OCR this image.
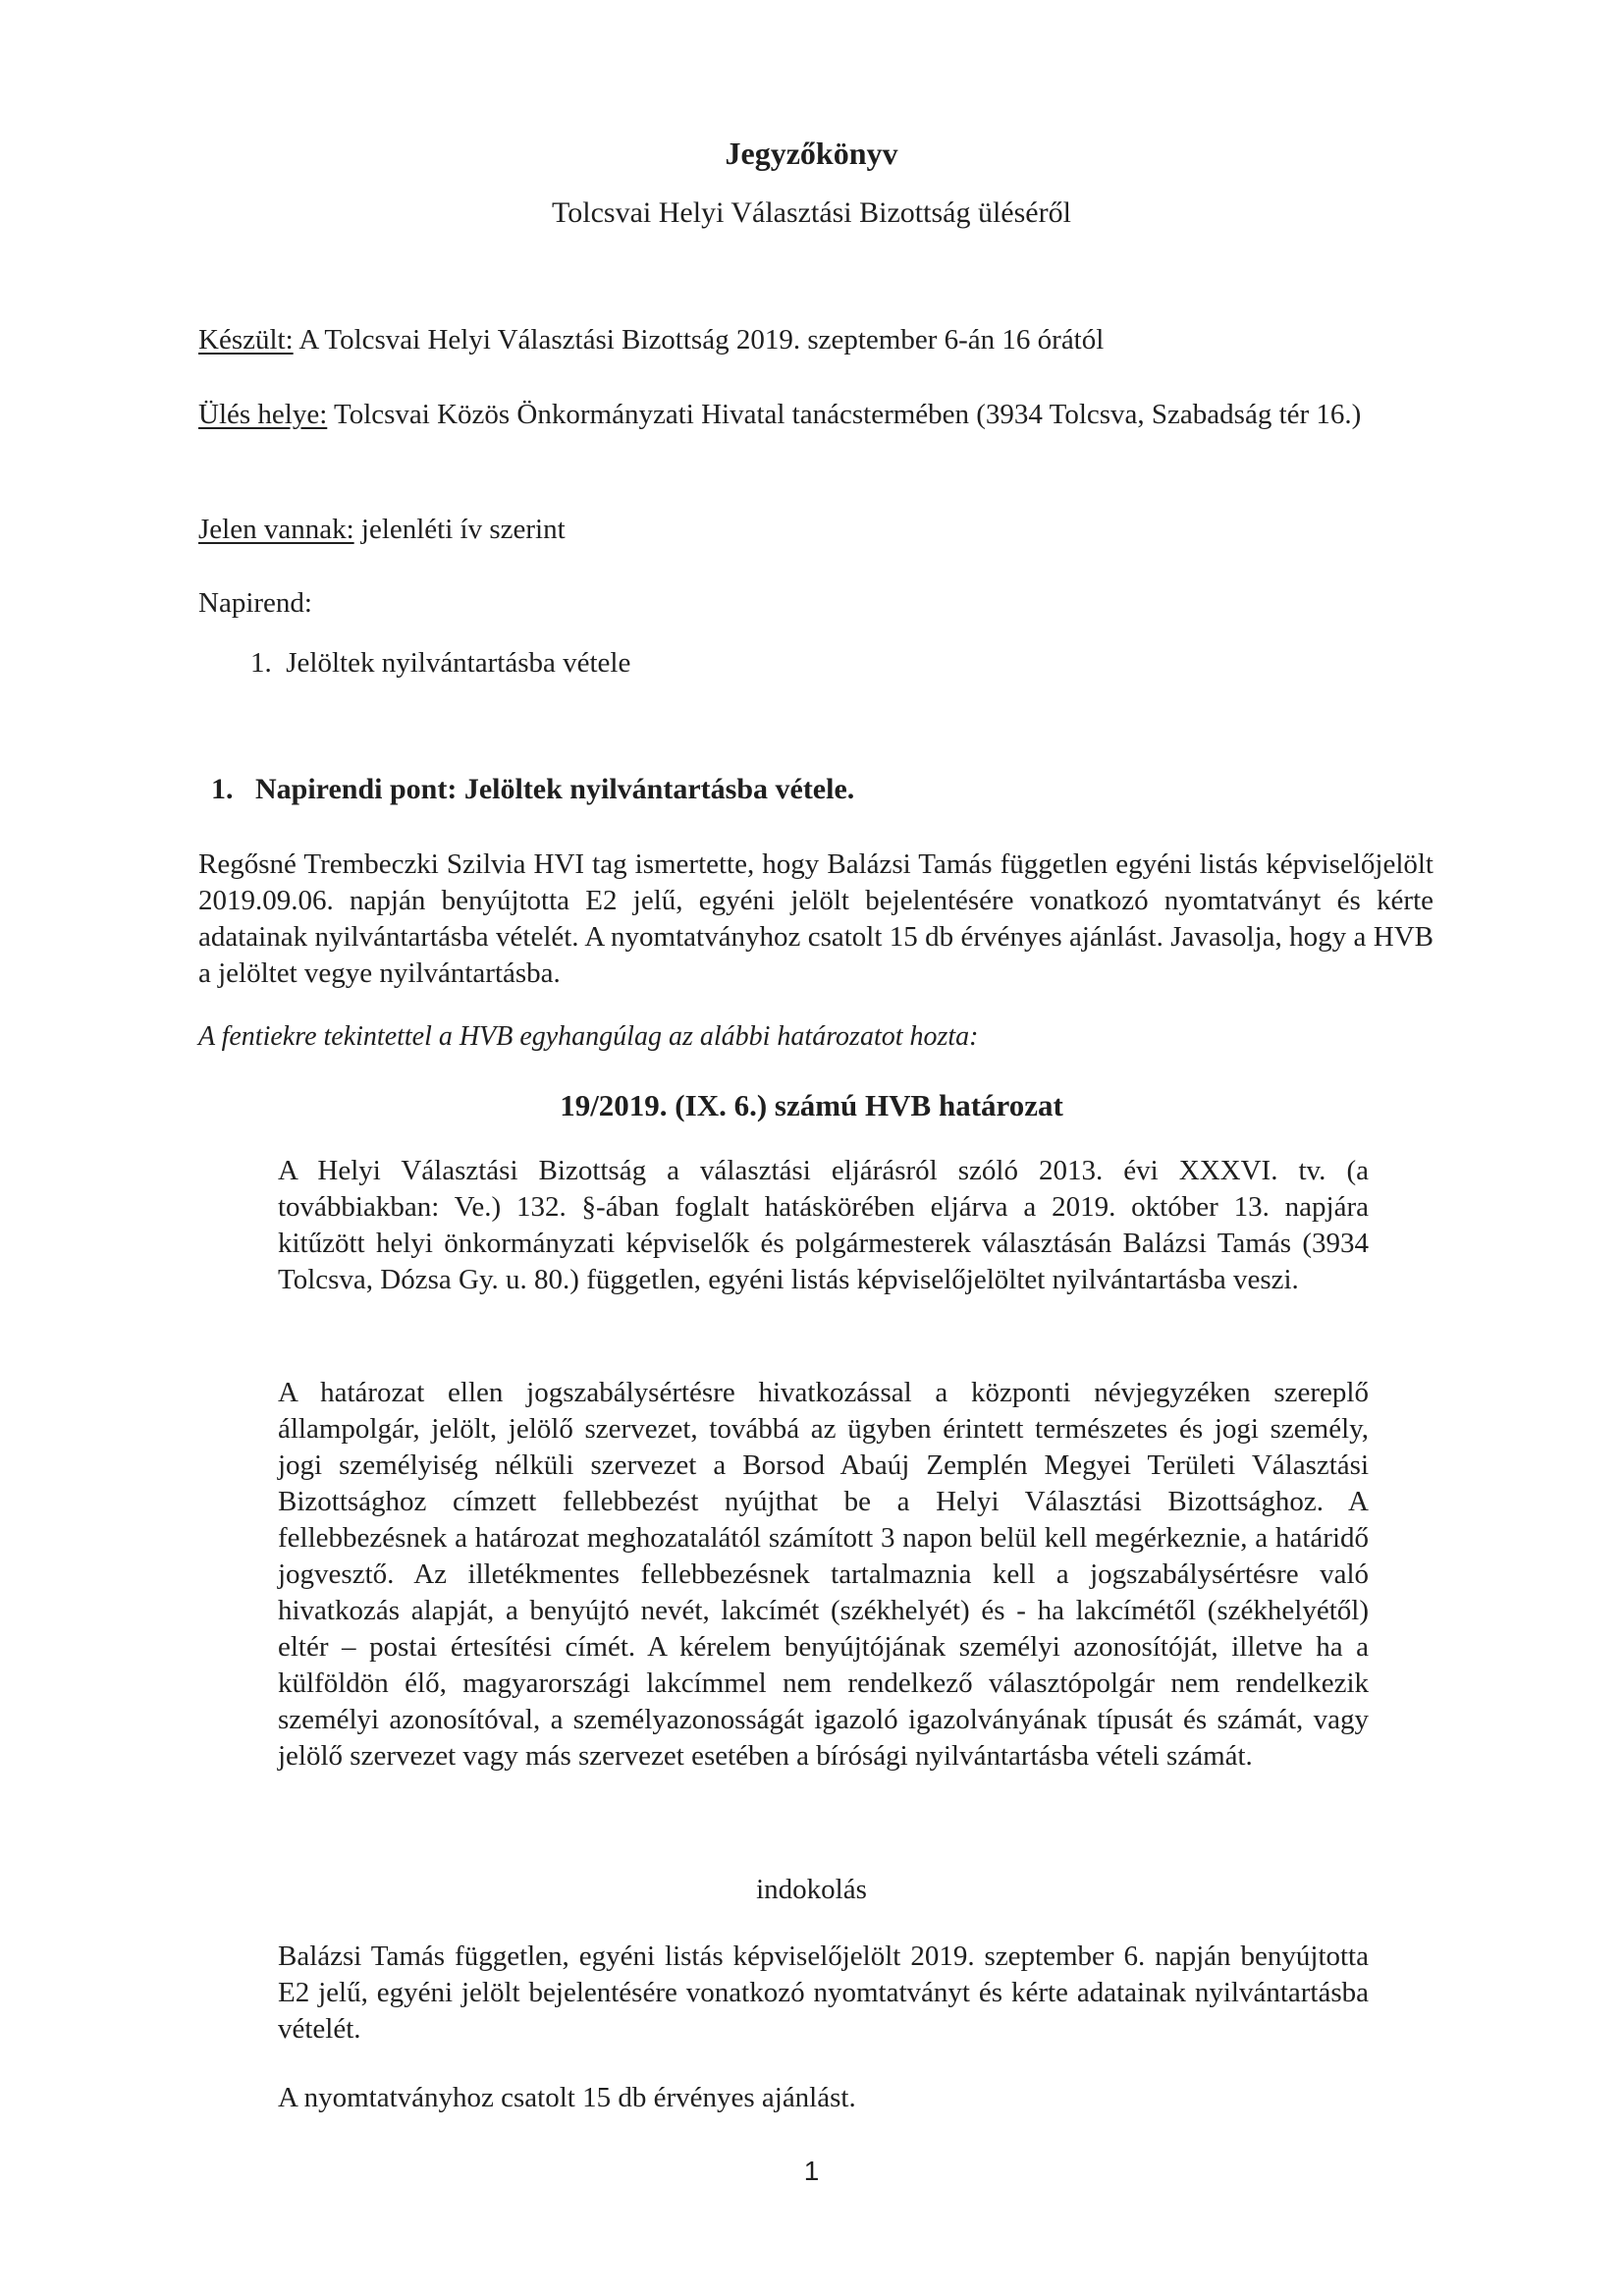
Jegyzőkönyv
Tolcsvai Helyi Választási Bizottság üléséről
Készült: A Tolcsvai Helyi Választási Bizottság 2019. szeptember 6-án 16 órától
Ülés helye: Tolcsvai Közös Önkormányzati Hivatal tanácstermében (3934 Tolcsva, Szabadság tér 16.)
Jelen vannak: jelenléti ív szerint
Napirend:
1.  Jelöltek nyilvántartásba vétele
1.   Napirendi pont: Jelöltek nyilvántartásba vétele.
Regősné Trembeczki Szilvia HVI tag ismertette, hogy Balázsi Tamás független egyéni listás képviselőjelölt 2019.09.06. napján benyújtotta E2 jelű, egyéni jelölt bejelentésére vonatkozó nyomtatványt és kérte adatainak nyilvántartásba vételét. A nyomtatványhoz csatolt 15 db érvényes ajánlást. Javasolja, hogy a HVB a jelöltet vegye nyilvántartásba.
A fentiekre tekintettel a HVB egyhangúlag az alábbi határozatot hozta:
19/2019. (IX. 6.) számú HVB határozat
A Helyi Választási Bizottság a választási eljárásról szóló 2013. évi XXXVI. tv. (a továbbiakban: Ve.) 132. §-ában foglalt hatáskörében eljárva a 2019. október 13. napjára kitűzött helyi önkormányzati képviselők és polgármesterek választásán Balázsi Tamás (3934 Tolcsva, Dózsa Gy. u. 80.) független, egyéni listás képviselőjelöltet nyilvántartásba veszi.
A határozat ellen jogszabálysértésre hivatkozással a központi névjegyzéken szereplő állampolgár, jelölt, jelölő szervezet, továbbá az ügyben érintett természetes és jogi személy, jogi személyiség nélküli szervezet a Borsod Abaúj Zemplén Megyei Területi Választási Bizottsághoz címzett fellebbezést nyújthat be a Helyi Választási Bizottsághoz. A fellebbezésnek a határozat meghozatalától számított 3 napon belül kell megérkeznie, a határidő jogvesztő. Az illetékmentes fellebbezésnek tartalmaznia kell a jogszabálysértésre való hivatkozás alapját, a benyújtó nevét, lakcímét (székhelyét) és - ha lakcímétől (székhelyétől) eltér – postai értesítési címét. A kérelem benyújtójának személyi azonosítóját, illetve ha a külföldön élő, magyarországi lakcímmel nem rendelkező választópolgár nem rendelkezik személyi azonosítóval, a személyazonosságát igazoló igazolványának típusát és számát, vagy jelölő szervezet vagy más szervezet esetében a bírósági nyilvántartásba vételi számát.
indokolás
Balázsi Tamás független, egyéni listás képviselőjelölt 2019. szeptember 6. napján benyújtotta E2 jelű, egyéni jelölt bejelentésére vonatkozó nyomtatványt és kérte adatainak nyilvántartásba vételét.
A nyomtatványhoz csatolt 15 db érvényes ajánlást.
1
